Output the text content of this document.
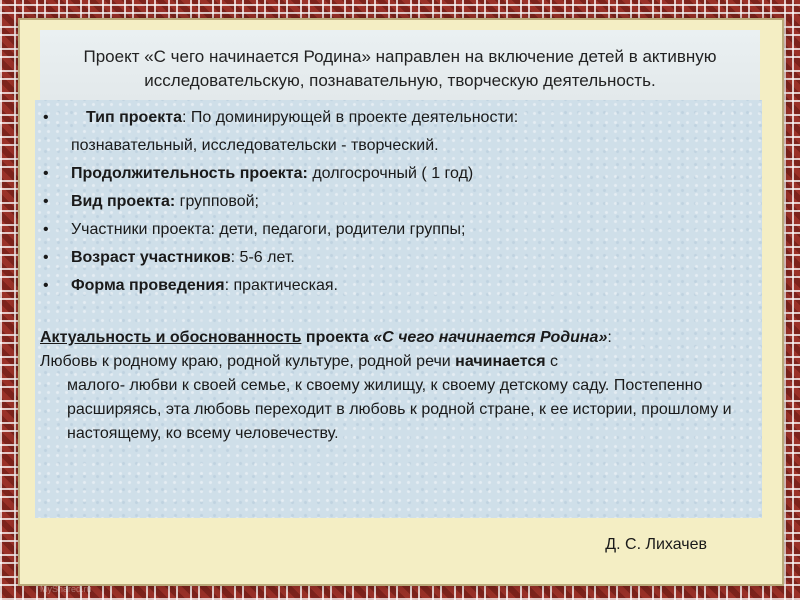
Проект «С чего начинается Родина» направлен на включение детей в активную исследовательскую, познавательную, творческую деятельность.
• Тип проекта: По доминирующей в проекте деятельности:
познавательный, исследовательски - творческий.
• Продолжительность проекта: долгосрочный ( 1 год)
• Вид проекта: групповой;
• Участники проекта: дети, педагоги, родители группы;
• Возраст участников: 5-6 лет.
• Форма проведения: практическая.
Актуальность и обоснованность проекта «С чего начинается Родина»:
Любовь к родному краю, родной культуре, родной речи начинается с
малого- любви к своей семье, к своему жилищу, к своему детскому саду. Постепенно расширяясь, эта любовь переходит в любовь к родной стране, к ее истории, прошлому и настоящему, ко всему человечеству.
Д. С. Лихачев
MyShared.ru
